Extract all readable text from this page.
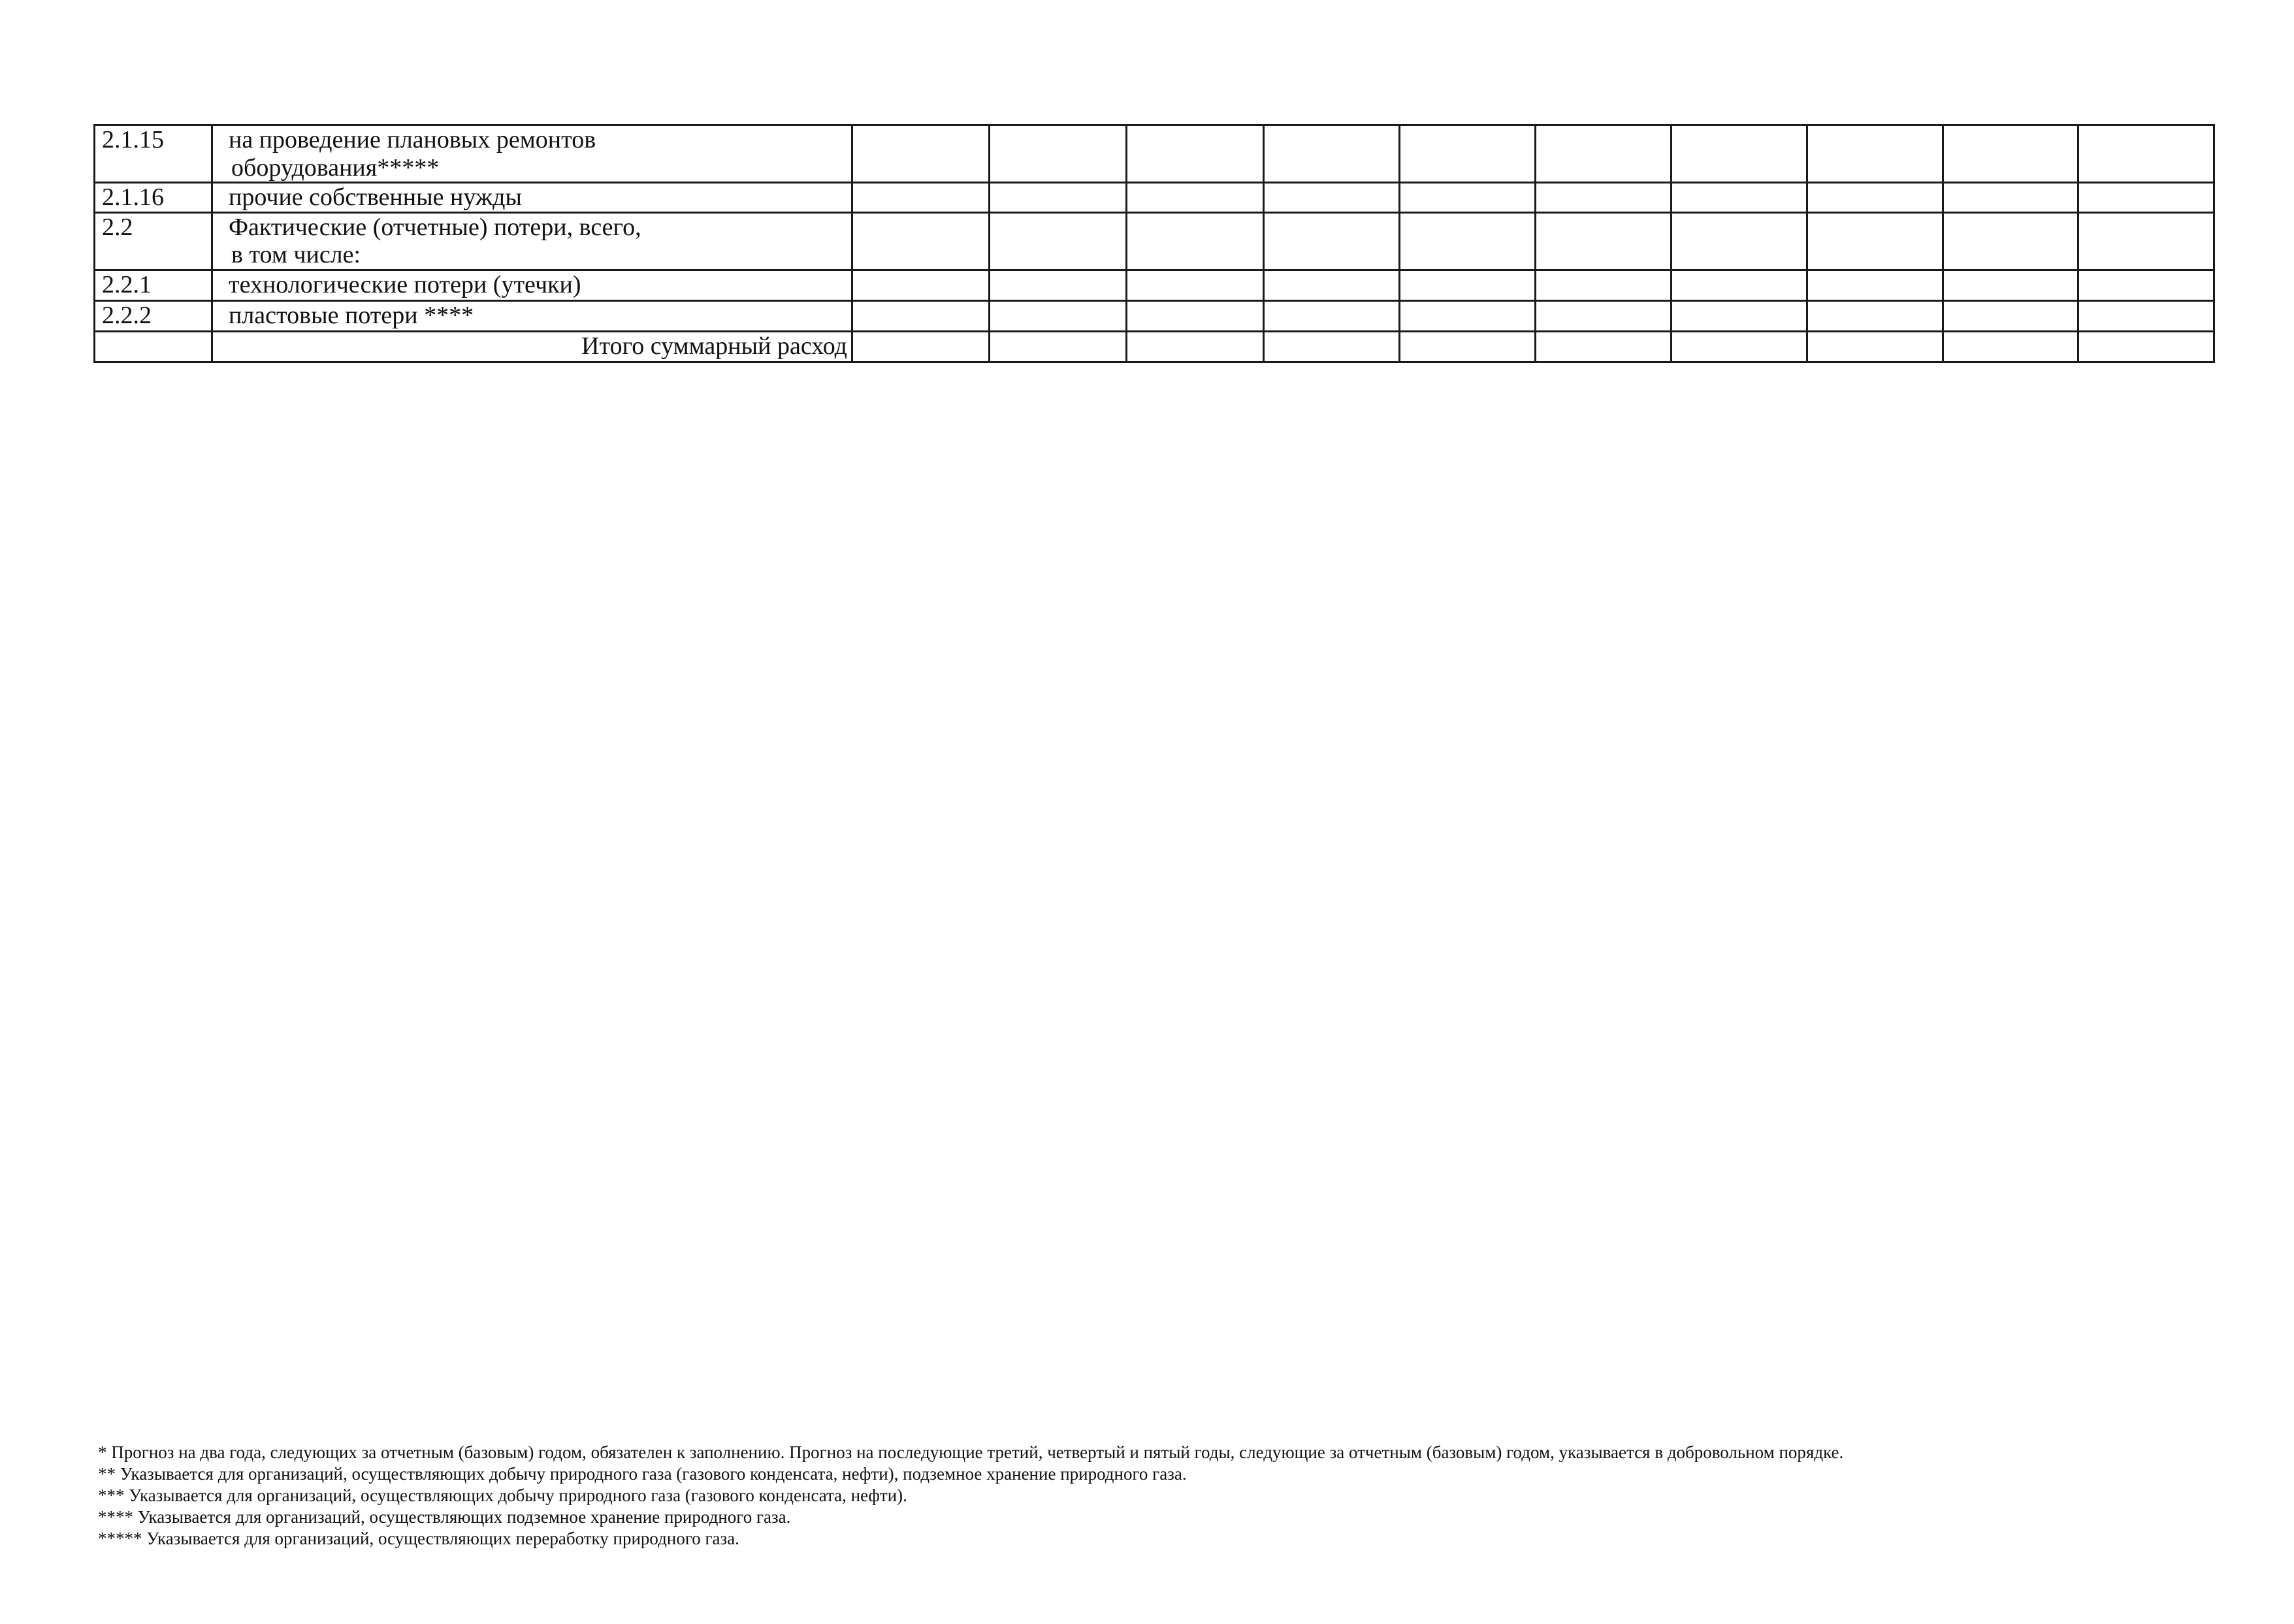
2.1.15	на проведение плановых ремонтов
оборудования*****										

2.1.16	прочие собственные нужды										
2.2	Фактические (отчетные) потери, всего,
в том числе:										

2.2.1	технологические потери (утечки)										
2.2.2	пластовые потери ****										
	Итого суммарный расход										

* Прогноз на два года, следующих за отчетным (базовым) годом, обязателен к заполнению. Прогноз на последующие третий, четвертый и пятый годы, следующие за отчетным (базовым) годом, указывается в добровольном порядке.

** Указывается для организаций, осуществляющих добычу природного газа (газового конденсата, нефти), подземное хранение природного газа.

*** Указывается для организаций, осуществляющих добычу природного газа (газового конденсата, нефти).

**** Указывается для организаций, осуществляющих подземное хранение природного газа.

***** Указывается для организаций, осуществляющих переработку природного газа.
